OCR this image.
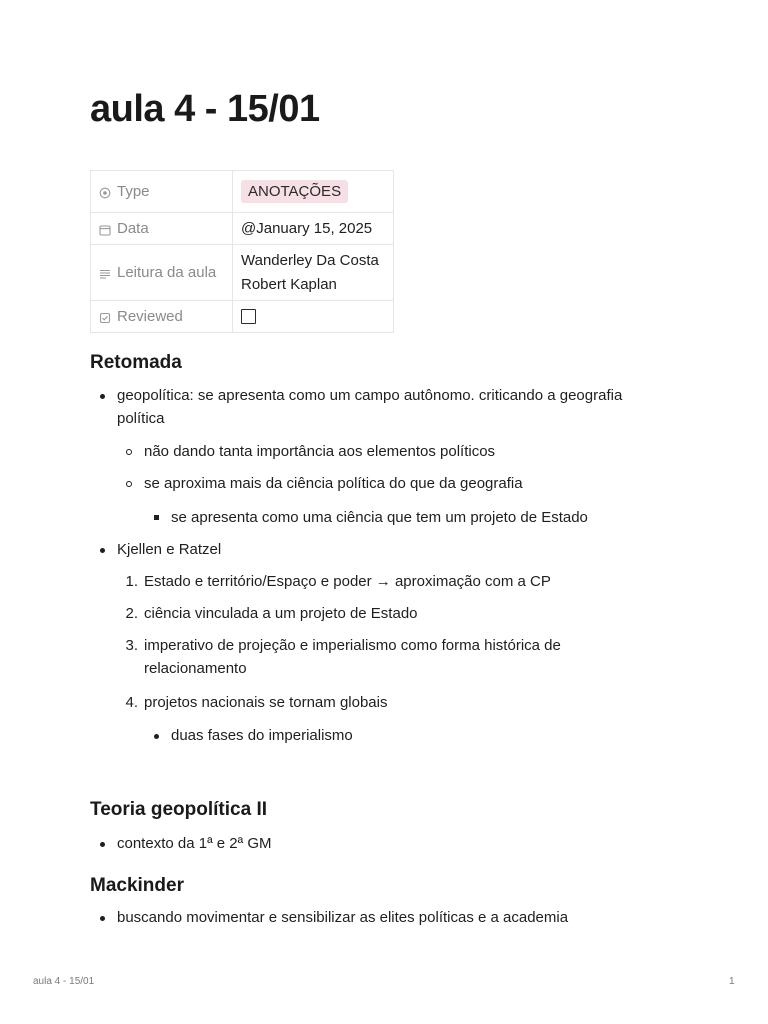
aula 4 - 15/01
Type	ANOTAÇÕES

Data	@January 15, 2025

Leitura da aula	Wanderley Da Costa
Robert Kaplan

Reviewed	

Retomada
geopolítica: se apresenta como um campo autônomo. criticando a geografia
política
não dando tanta importância aos elementos políticos
se aproxima mais da ciência política do que da geografia
se apresenta como uma ciência que tem um projeto de Estado
Kjellen e Ratzel
1. Estado e território/Espaço e poder → aproximação com a CP
2. ciência vinculada a um projeto de Estado
3. imperativo de projeção e imperialismo como forma histórica de
relacionamento
4. projetos nacionais se tornam globais
duas fases do imperialismo
Teoria geopolítica II
contexto da 1ª e 2ª GM
Mackinder
buscando movimentar e sensibilizar as elites políticas e a academia
aula 4 - 15/01	1
